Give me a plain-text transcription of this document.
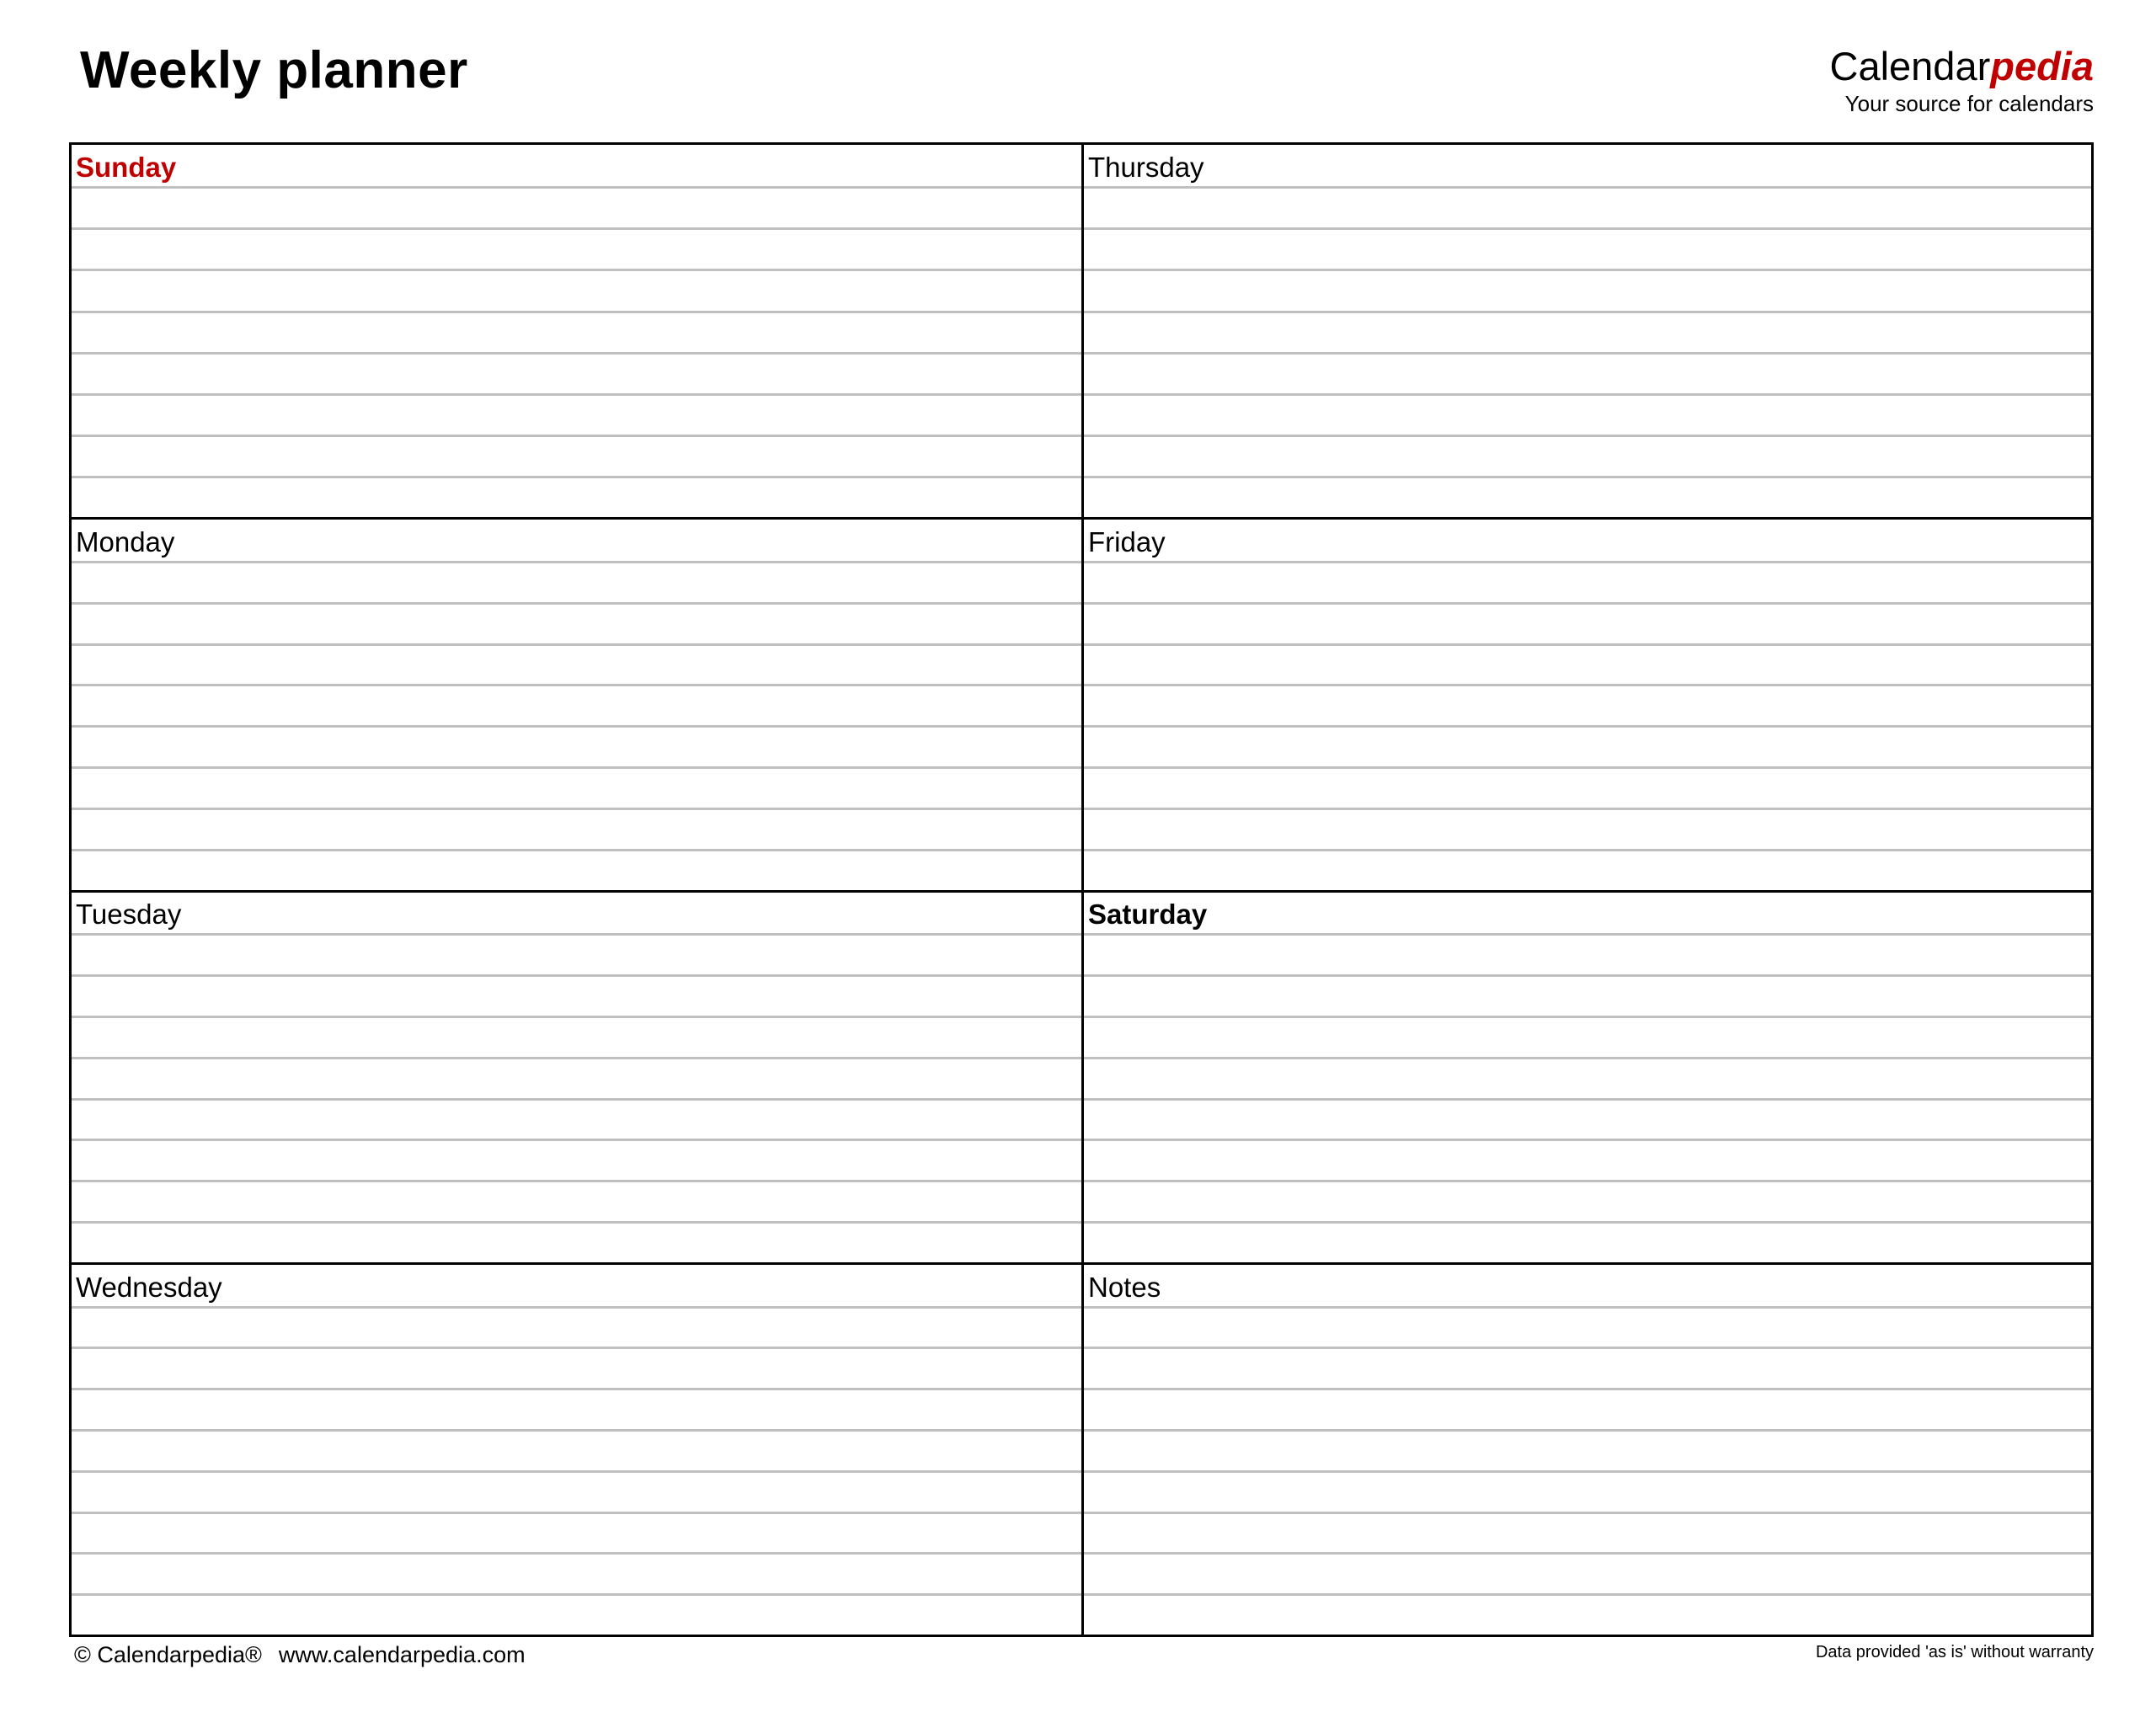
Weekly planner	Calendarpedia
Your source for calendars
Sunday	Thursday
Monday	Friday
Tuesday	Saturday
Wednesday	Notes
© Calendarpedia® www.calendarpedia.com	Data provided 'as is' without warranty
